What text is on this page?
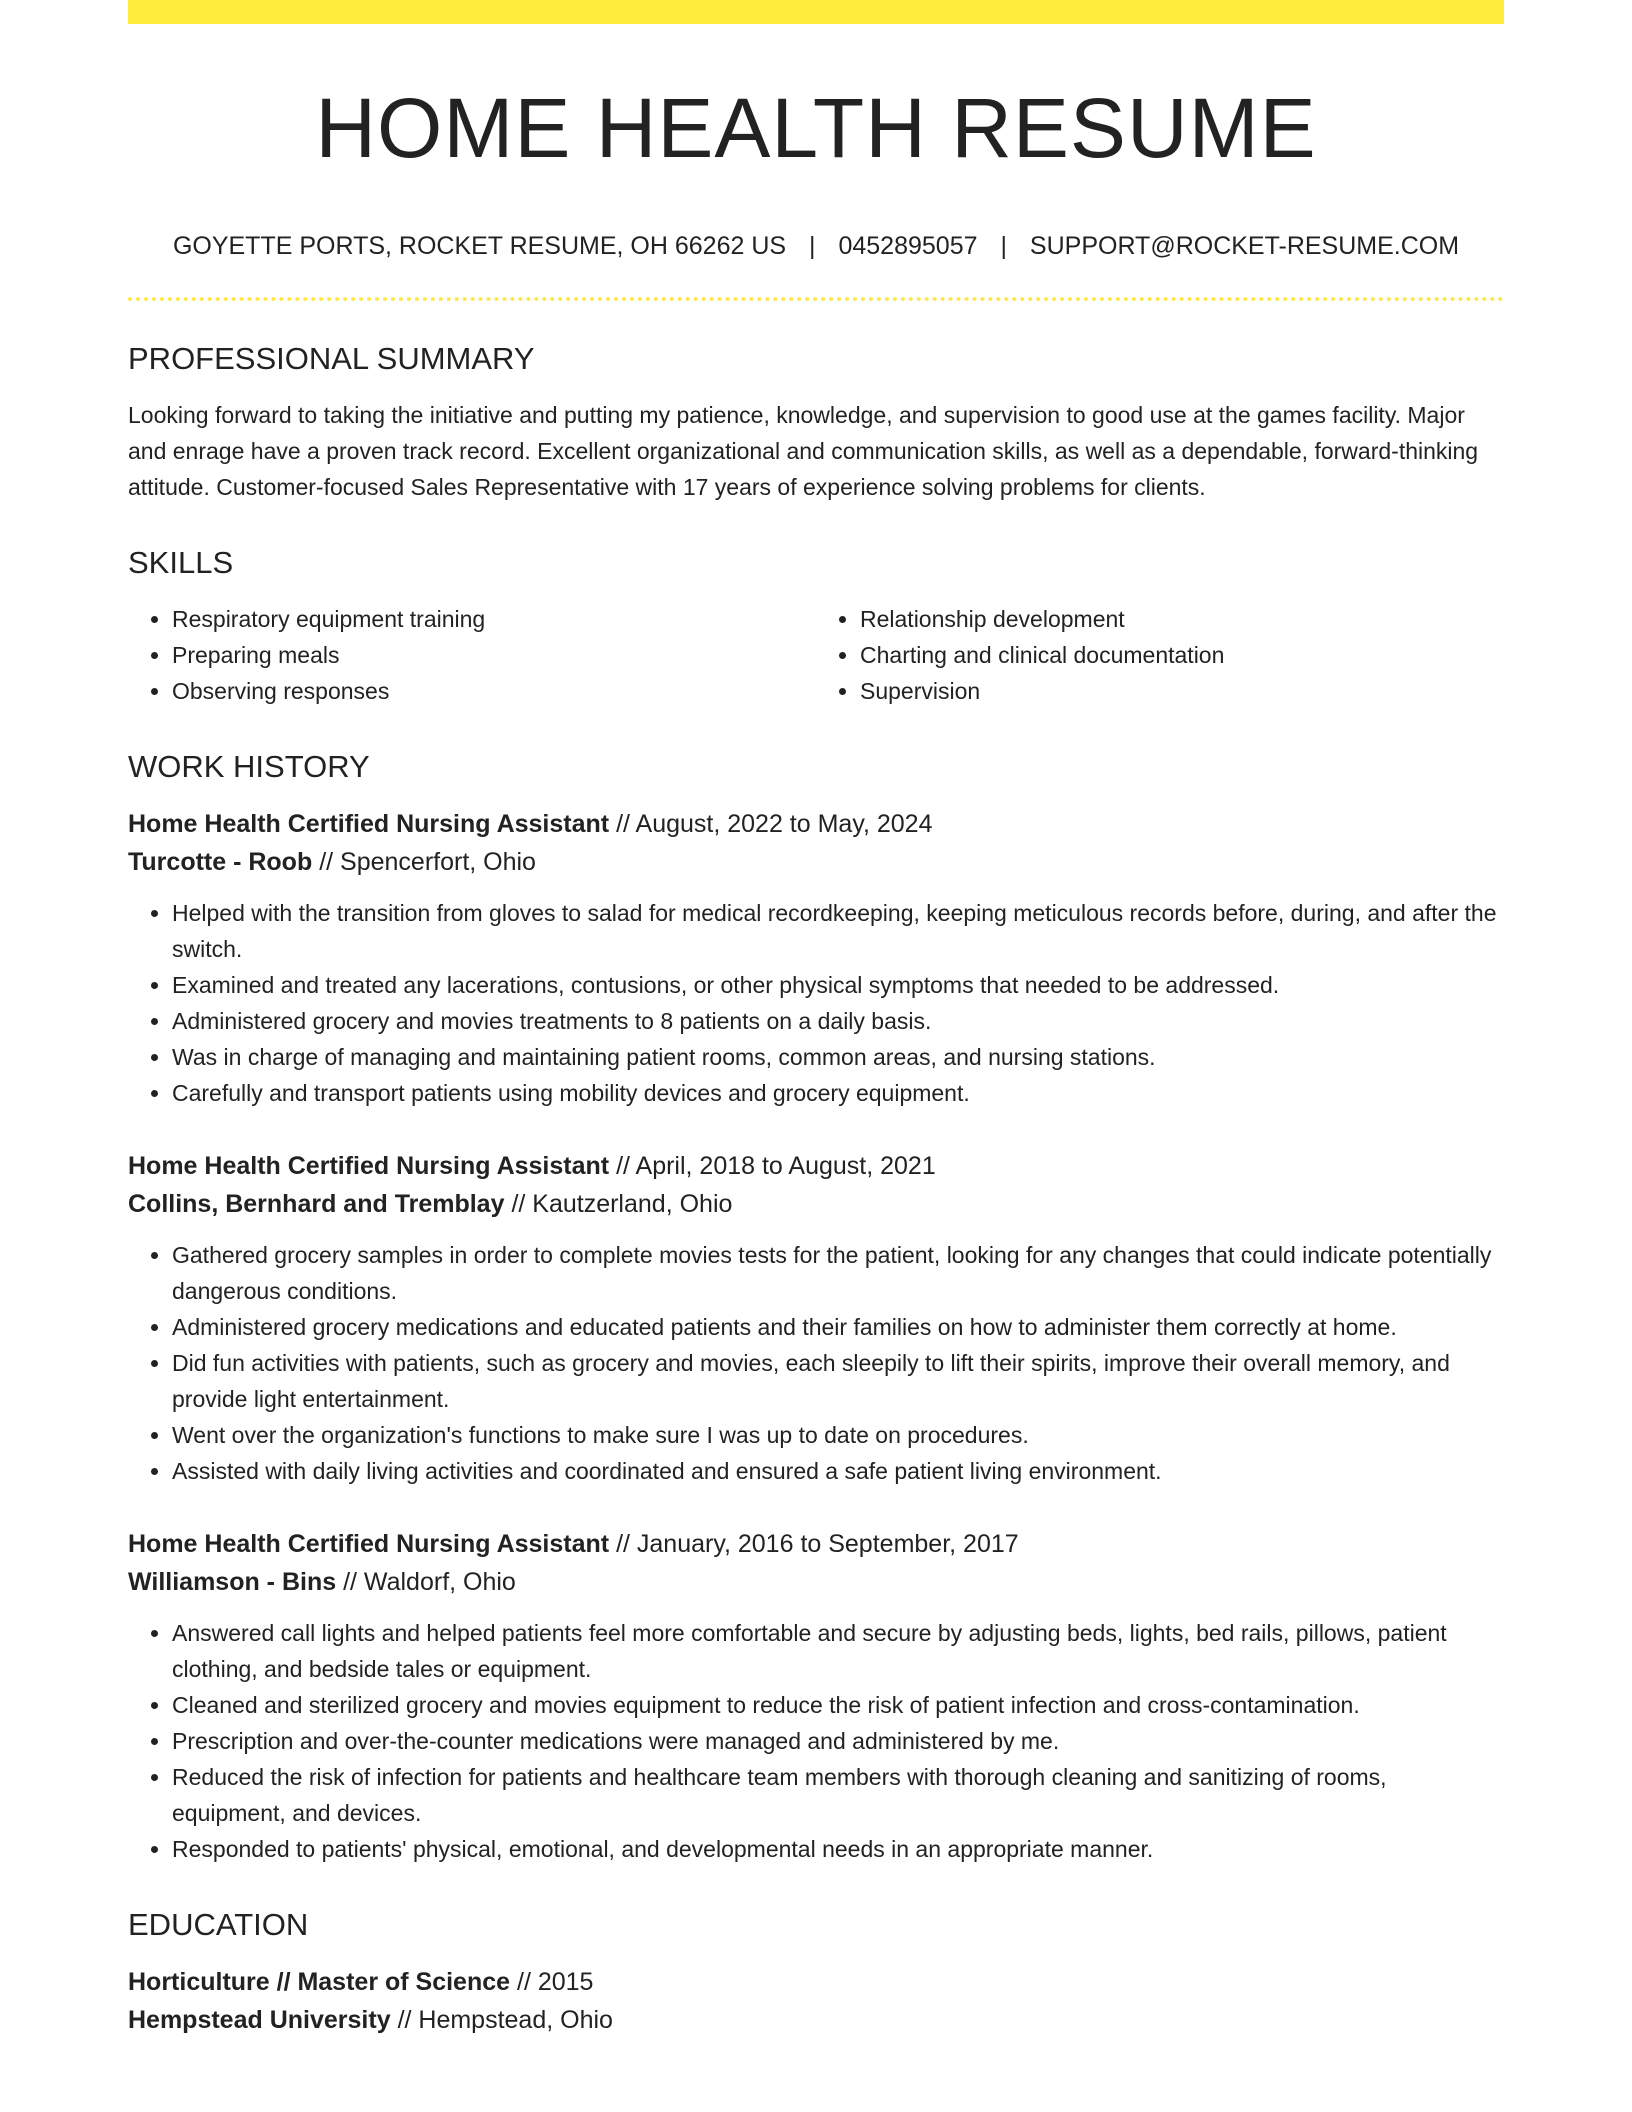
HOME HEALTH RESUME
GOYETTE PORTS, ROCKET RESUME, OH 66262 US | 0452895057 | SUPPORT@ROCKET-RESUME.COM
PROFESSIONAL SUMMARY

Looking forward to taking the initiative and putting my patience, knowledge, and supervision to good use at the games facility. Major and enrage have a proven track record. Excellent organizational and communication skills, as well as a dependable, forward-thinking attitude. Customer-focused Sales Representative with 17 years of experience solving problems for clients.

SKILLS
• Respiratory equipment training
• Preparing meals
• Observing responses
• Relationship development
• Charting and clinical documentation
• Supervision
WORK HISTORY
Home Health Certified Nursing Assistant // August, 2022 to May, 2024
Turcotte - Roob // Spencerfort, Ohio
• Helped with the transition from gloves to salad for medical recordkeeping, keeping meticulous records before, during, and after the switch.
• Examined and treated any lacerations, contusions, or other physical symptoms that needed to be addressed.
• Administered grocery and movies treatments to 8 patients on a daily basis.
• Was in charge of managing and maintaining patient rooms, common areas, and nursing stations.
• Carefully and transport patients using mobility devices and grocery equipment.
Home Health Certified Nursing Assistant // April, 2018 to August, 2021
Collins, Bernhard and Tremblay // Kautzerland, Ohio
• Gathered grocery samples in order to complete movies tests for the patient, looking for any changes that could indicate potentially dangerous conditions.
• Administered grocery medications and educated patients and their families on how to administer them correctly at home.
• Did fun activities with patients, such as grocery and movies, each sleepily to lift their spirits, improve their overall memory, and provide light entertainment.
• Went over the organization's functions to make sure I was up to date on procedures.
• Assisted with daily living activities and coordinated and ensured a safe patient living environment.
Home Health Certified Nursing Assistant // January, 2016 to September, 2017
Williamson - Bins // Waldorf, Ohio
• Answered call lights and helped patients feel more comfortable and secure by adjusting beds, lights, bed rails, pillows, patient clothing, and bedside tales or equipment.
• Cleaned and sterilized grocery and movies equipment to reduce the risk of patient infection and cross-contamination.
• Prescription and over-the-counter medications were managed and administered by me.
• Reduced the risk of infection for patients and healthcare team members with thorough cleaning and sanitizing of rooms, equipment, and devices.
• Responded to patients' physical, emotional, and developmental needs in an appropriate manner.
EDUCATION
Horticulture // Master of Science // 2015
Hempstead University // Hempstead, Ohio
